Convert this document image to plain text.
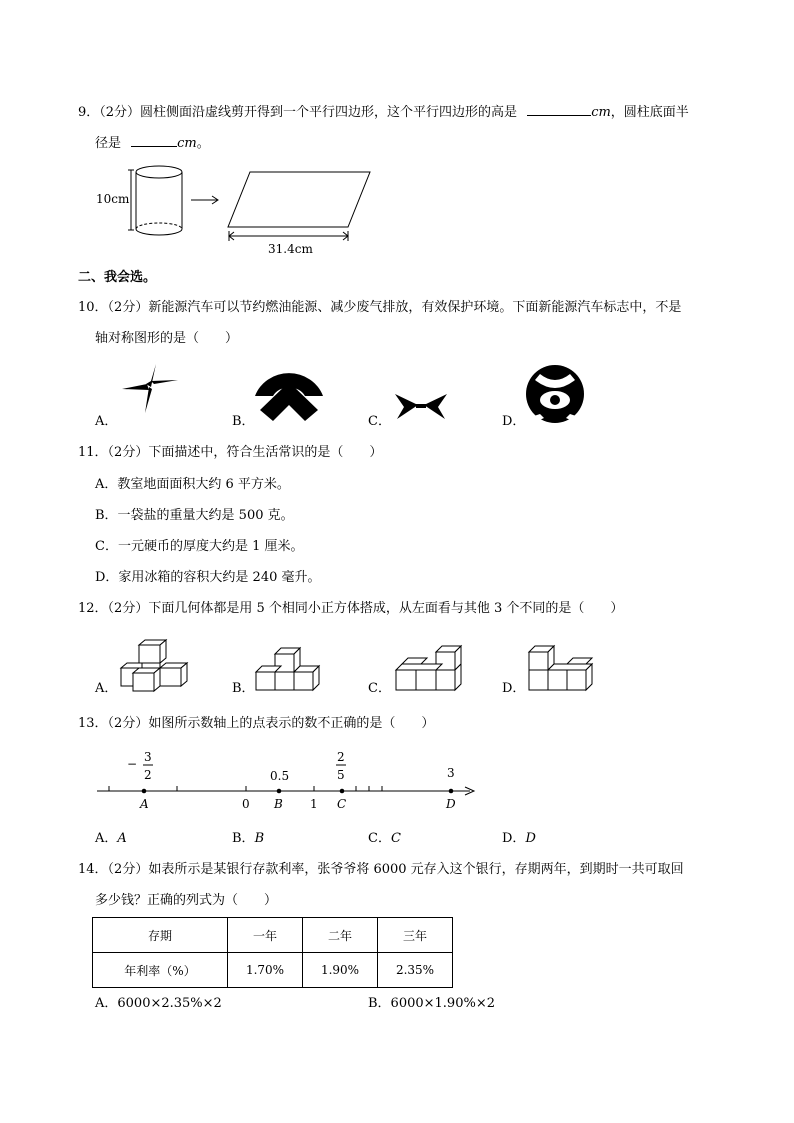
9．（2分）圆柱侧面沿虚线剪开得到一个平行四边形，这个平行四边形的高是	cm，圆柱底面半
径是	cm。
10cm
31.4cm
二、我会选。
10．（2分）新能源汽车可以节约燃油能源、减少废气排放，有效保护环境。下面新能源汽车标志中，不是
轴对称图形的是（　　）
A．	B．	C．	D．
11．（2分）下面描述中，符合生活常识的是（　　）
A．教室地面面积大约 6 平方米。
B．一袋盐的重量大约是 500 克。
C．一元硬币的厚度大约是 1 厘米。
D．家用冰箱的容积大约是 240 毫升。
12．（2分）下面几何体都是用 5 个相同小正方体搭成，从左面看与其他 3 个不同的是（　　）
A．	B．	C．	D．
13．（2分）如图所示数轴上的点表示的数不正确的是（　　）
− 3
2	0.5
2
5	3
0	1
A	B	C	D
A．A	B．B	C．C	D．D
14．（2分）如表所示是某银行存款利率，张爷爷将 6000 元存入这个银行，存期两年，到期时一共可取回
多少钱？正确的列式为（　　）
存期	一年	二年	三年
年利率（%）	1.70%	1.90%	2.35%
A．6000×2.35%×2	B．6000×1.90%×2
